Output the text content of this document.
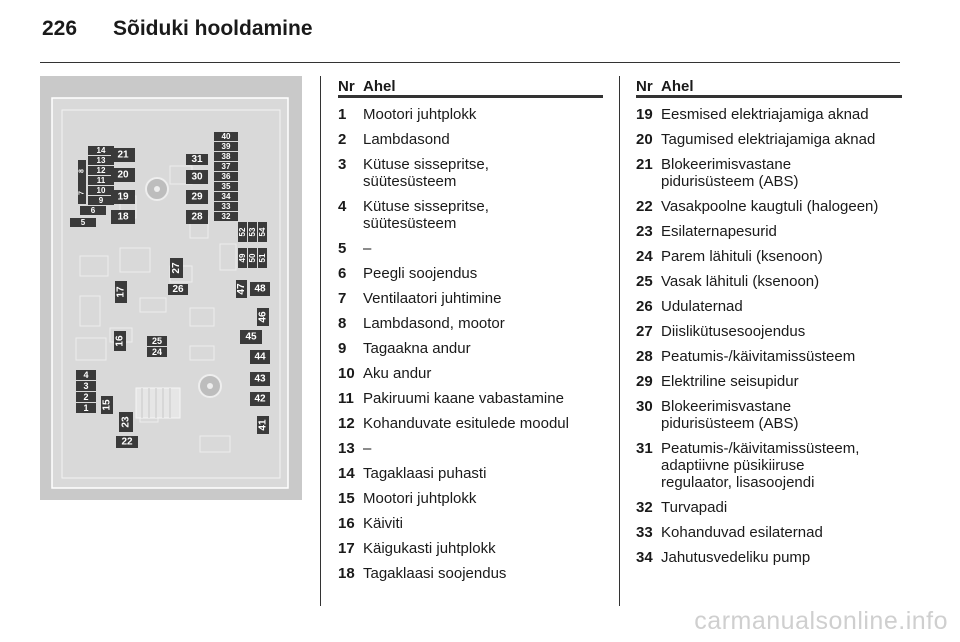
226 Sõiduki hooldamine
14
13
12
11
10
9
6
5
8
7
21
20
19
18
31
30
29
28
40
39
38
37
36
35
34
33
32
52 53 54
49 50 51
27
26
17	47 48
46
16	25
24
45
44
4
3
2
1 15
43
42
23	41
22
Nr Ahel
1	Mootori juhtplokk
2	Lambdasond
3	Kütuse sissepritse,
süütesüsteem
4	Kütuse sissepritse,
süütesüsteem
5	–
6	Peegli soojendus
7	Ventilaatori juhtimine
8	Lambdasond, mootor
9	Tagaakna andur
10 Aku andur
11 Pakiruumi kaane vabastamine
12 Kohanduvate esitulede moodul
13 –
14 Tagaklaasi puhasti
15 Mootori juhtplokk
16 Käiviti
17 Käigukasti juhtplokk
18 Tagaklaasi soojendus
Nr Ahel
19 Eesmised elektriajamiga aknad
20 Tagumised elektriajamiga aknad
21 Blokeerimisvastane
pidurisüsteem (ABS)
22 Vasakpoolne kaugtuli (halogeen)
23 Esilaternapesurid
24 Parem lähituli (ksenoon)
25 Vasak lähituli (ksenoon)
26 Udulaternad
27 Diislikütusesoojendus
28 Peatumis-/käivitamissüsteem
29 Elektriline seisupidur
30 Blokeerimisvastane
pidurisüsteem (ABS)
31 Peatumis-/käivitamissüsteem,
adaptiivne püsikiiruse
regulaator, lisasoojendi
32 Turvapadi
33 Kohanduvad esilaternad
34 Jahutusvedeliku pump
carmanualsonline.info
